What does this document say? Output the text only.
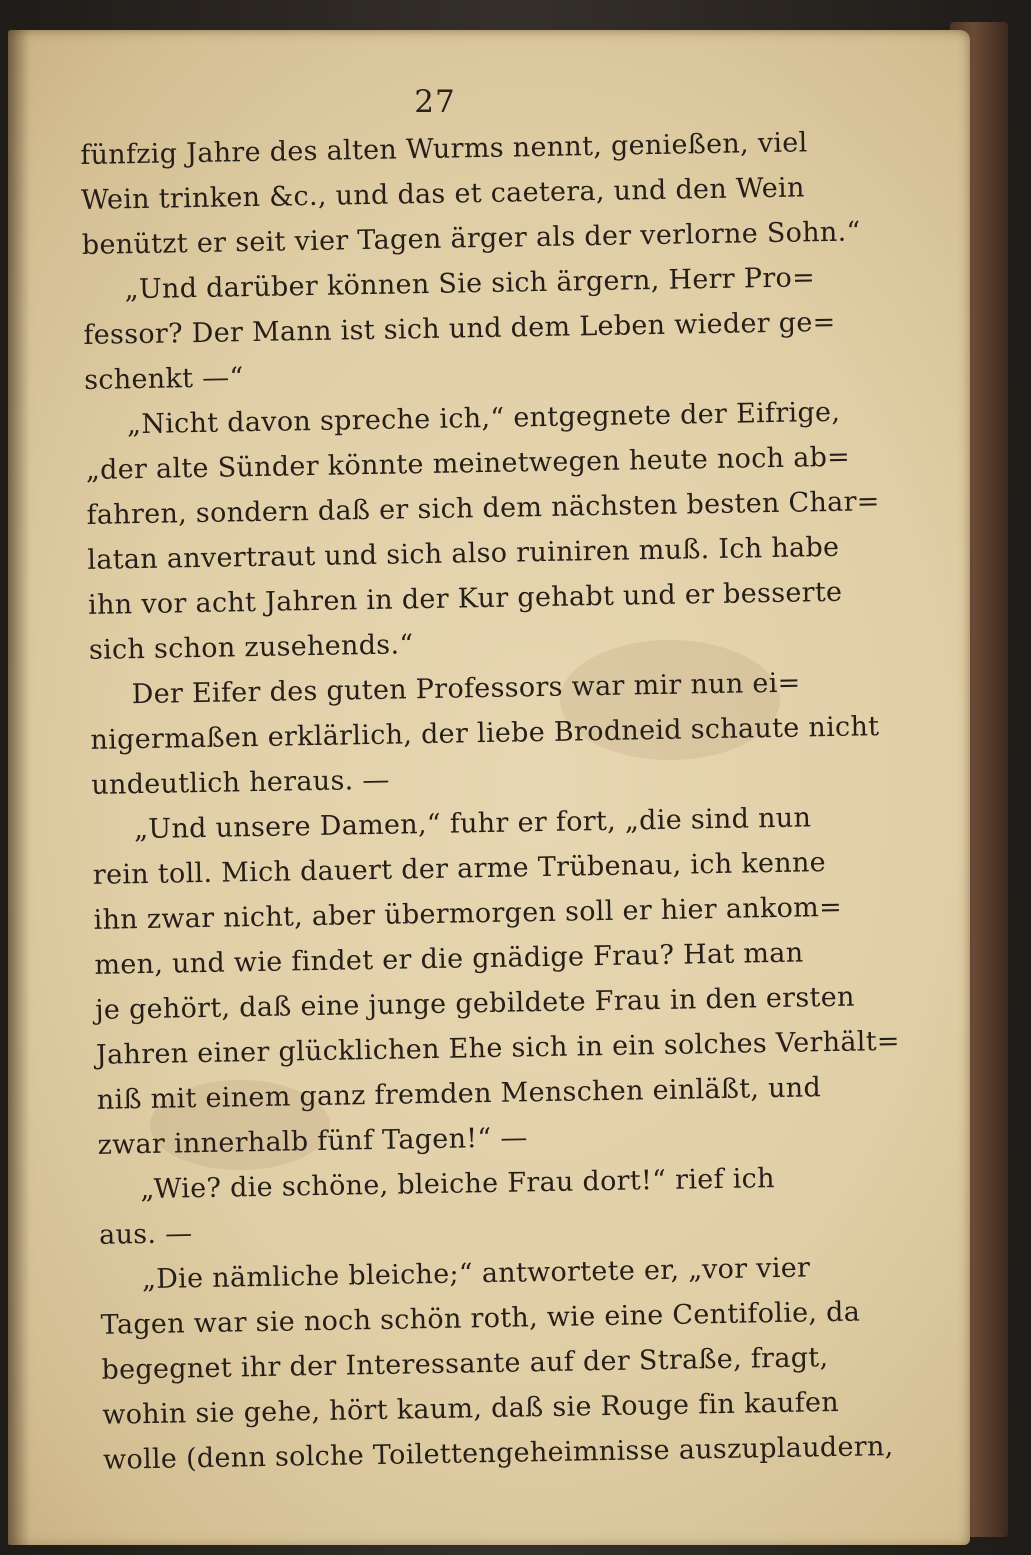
27
fünfzig Jahre des alten Wurms nennt, genießen, viel
Wein trinken &c., und das et caetera, und den Wein
benützt er seit vier Tagen ärger als der verlorne Sohn.“
„Und darüber können Sie sich ärgern, Herr Pro=
fessor? Der Mann ist sich und dem Leben wieder ge=
schenkt —“
„Nicht davon spreche ich,“ entgegnete der Eifrige,
„der alte Sünder könnte meinetwegen heute noch ab=
fahren, sondern daß er sich dem nächsten besten Char=
latan anvertraut und sich also ruiniren muß. Ich habe
ihn vor acht Jahren in der Kur gehabt und er besserte
sich schon zusehends.“
Der Eifer des guten Professors war mir nun ei=
nigermaßen erklärlich, der liebe Brodneid schaute nicht
undeutlich heraus. —
„Und unsere Damen,“ fuhr er fort, „die sind nun
rein toll. Mich dauert der arme Trübenau, ich kenne
ihn zwar nicht, aber übermorgen soll er hier ankom=
men, und wie findet er die gnädige Frau? Hat man
je gehört, daß eine junge gebildete Frau in den ersten
Jahren einer glücklichen Ehe sich in ein solches Verhält=
niß mit einem ganz fremden Menschen einläßt, und
zwar innerhalb fünf Tagen!“ —
„Wie? die schöne, bleiche Frau dort!“ rief ich
aus. —
„Die nämliche bleiche;“ antwortete er, „vor vier
Tagen war sie noch schön roth, wie eine Centifolie, da
begegnet ihr der Interessante auf der Straße, fragt,
wohin sie gehe, hört kaum, daß sie Rouge fin kaufen
wolle (denn solche Toilettengeheimnisse auszuplaudern,
